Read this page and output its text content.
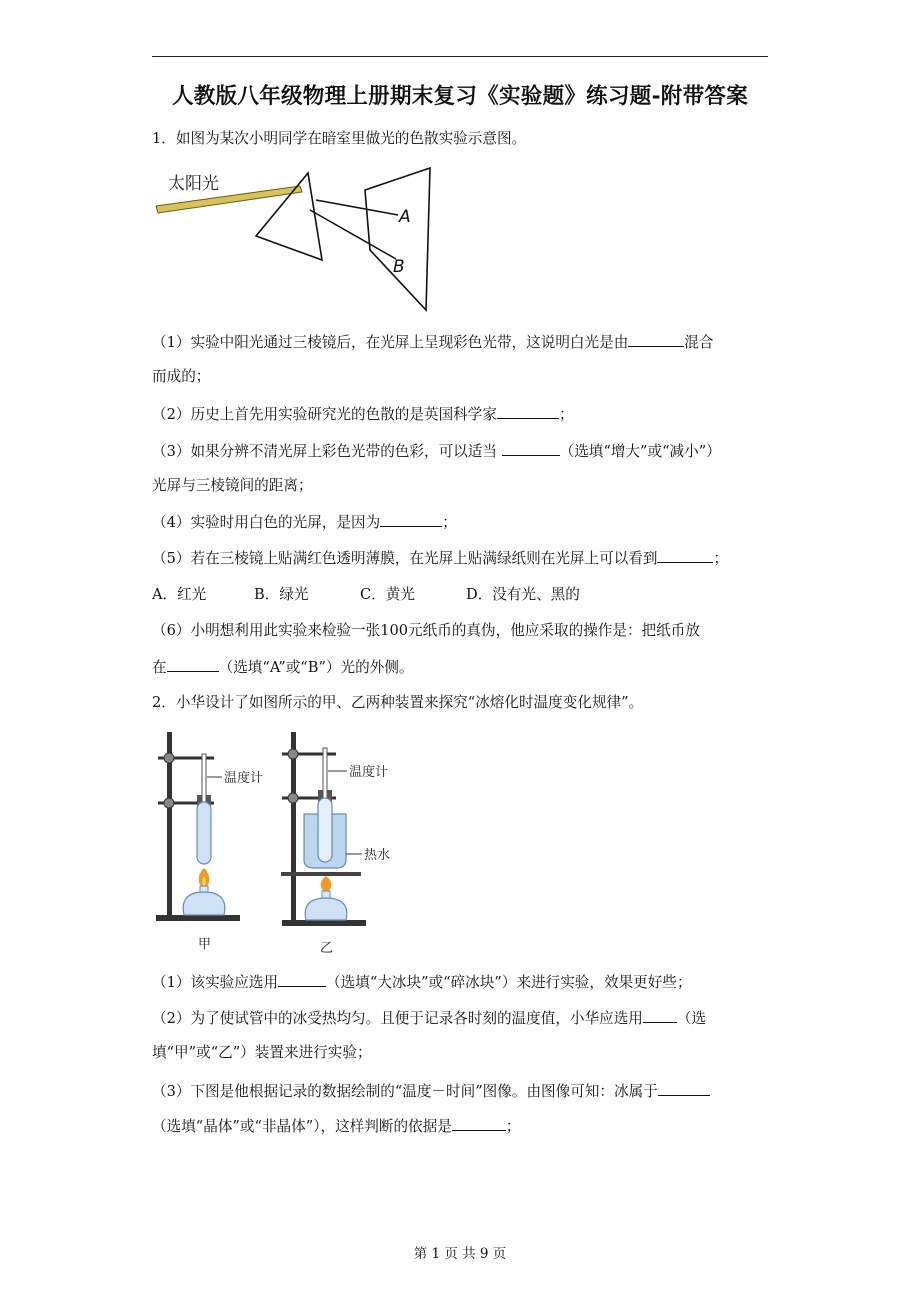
人教版八年级物理上册期末复习《实验题》练习题-附带答案
1．如图为某次小明同学在暗室里做光的色散实验示意图。
太阳光
A
B
（1）实验中阳光通过三棱镜后，在光屏上呈现彩色光带，这说明白光是由	混合
而成的；
（2）历史上首先用实验研究光的色散的是英国科学家	；
（3）如果分辨不清光屏上彩色光带的色彩，可以适当	（选填“增大”或“减小”）
光屏与三棱镜间的距离；
（4）实验时用白色的光屏，是因为	；
（5）若在三棱镜上贴满红色透明薄膜，在光屏上贴满绿纸则在光屏上可以看到	；
A．红光	B．绿光	C．黄光	D．没有光、黑的
（6）小明想利用此实验来检验一张100元纸币的真伪，他应采取的操作是：把纸币放
在	（选填“A”或“B”）光的外侧。
2．小华设计了如图所示的甲、乙两种装置来探究“冰熔化时温度变化规律”。
温度计
甲
热水
温度计
乙
（1）该实验应选用	（选填“大冰块”或“碎冰块”）来进行实验，效果更好些；
（2）为了使试管中的冰受热均匀。且便于记录各时刻的温度值，小华应选用 （选
填“甲”或“乙”）装置来进行实验；
（3）下图是他根据记录的数据绘制的“温度－时间”图像。由图像可知：冰属于
（选填“晶体”或“非晶体”），这样判断的依据是	；
第 1 页 共 9 页
